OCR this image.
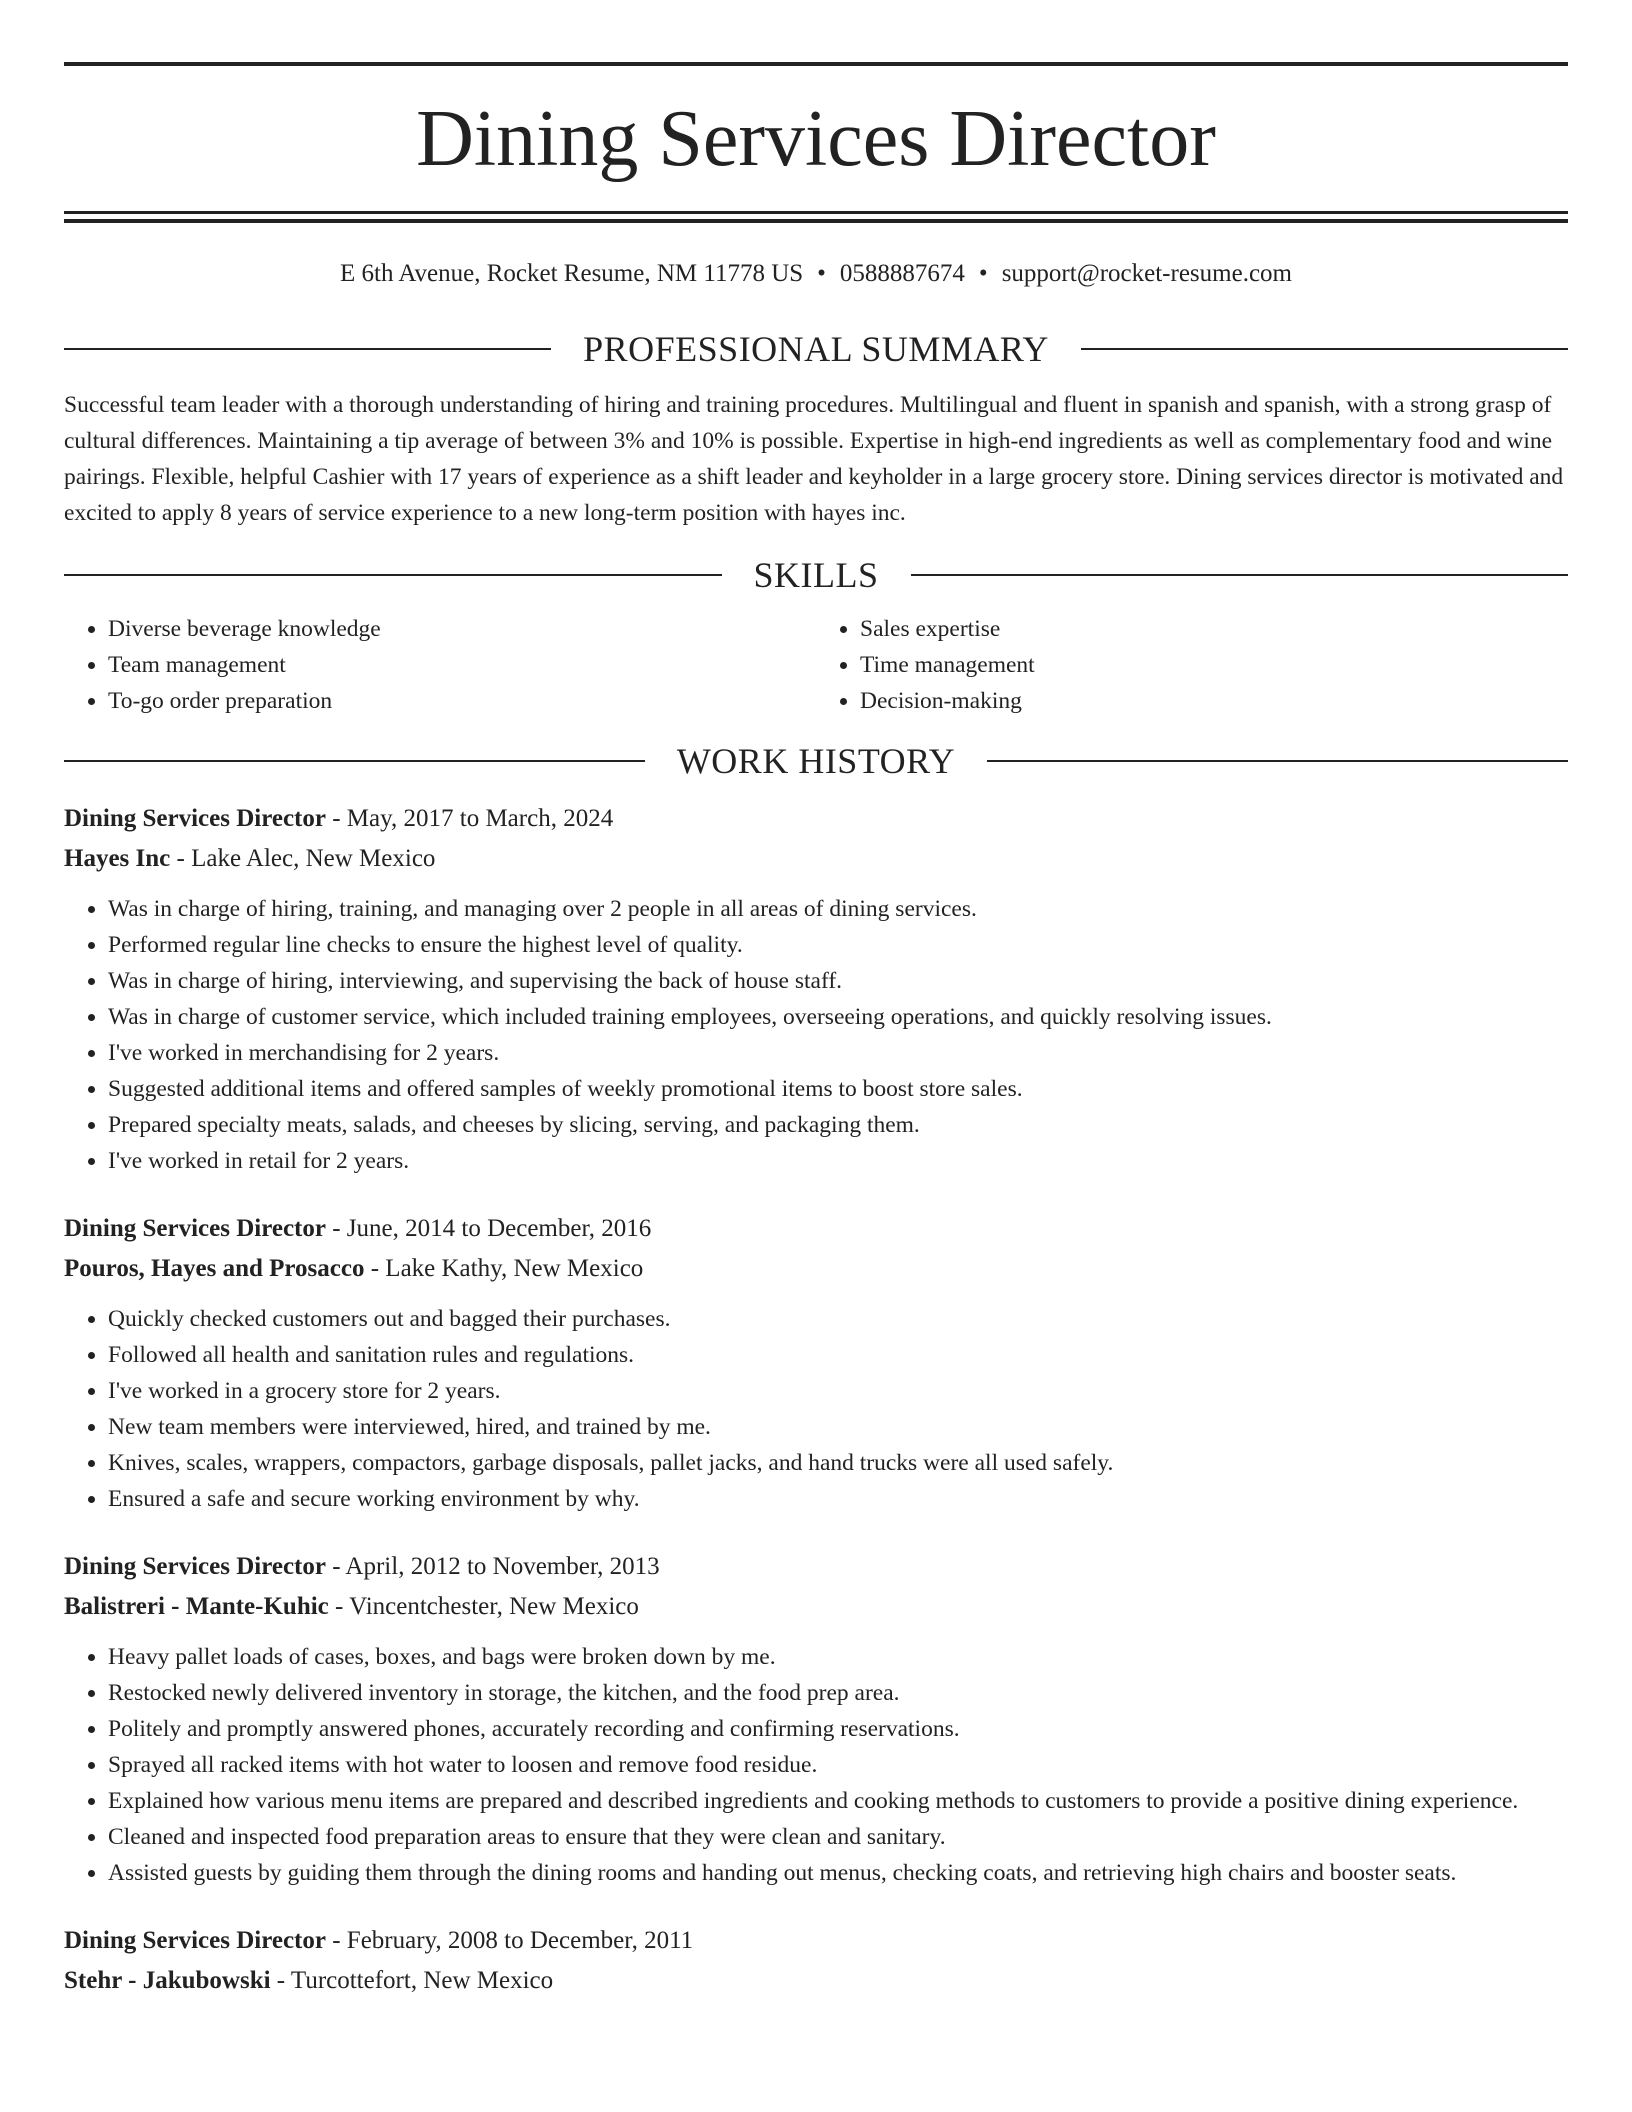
Dining Services Director
E 6th Avenue, Rocket Resume, NM 11778 US • 0588887674 • support@rocket-resume.com
PROFESSIONAL SUMMARY

Successful team leader with a thorough understanding of hiring and training procedures. Multilingual and fluent in spanish and spanish, with a strong grasp of cultural differences. Maintaining a tip average of between 3% and 10% is possible. Expertise in high-end ingredients as well as complementary food and wine pairings. Flexible, helpful Cashier with 17 years of experience as a shift leader and keyholder in a large grocery store. Dining services director is motivated and excited to apply 8 years of service experience to a new long-term position with hayes inc.

SKILLS
• Diverse beverage knowledge
• Team management
• To-go order preparation
• Sales expertise
• Time management
• Decision-making
WORK HISTORY

Dining Services Director - May, 2017 to March, 2024

Hayes Inc - Lake Alec, New Mexico

• Was in charge of hiring, training, and managing over 2 people in all areas of dining services.
• Performed regular line checks to ensure the highest level of quality.
• Was in charge of hiring, interviewing, and supervising the back of house staff.
• Was in charge of customer service, which included training employees, overseeing operations, and quickly resolving issues.
• I've worked in merchandising for 2 years.
• Suggested additional items and offered samples of weekly promotional items to boost store sales.
• Prepared specialty meats, salads, and cheeses by slicing, serving, and packaging them.
• I've worked in retail for 2 years.

Dining Services Director - June, 2014 to December, 2016

Pouros, Hayes and Prosacco - Lake Kathy, New Mexico

• Quickly checked customers out and bagged their purchases.
• Followed all health and sanitation rules and regulations.
• I've worked in a grocery store for 2 years.
• New team members were interviewed, hired, and trained by me.
• Knives, scales, wrappers, compactors, garbage disposals, pallet jacks, and hand trucks were all used safely.
• Ensured a safe and secure working environment by why.

Dining Services Director - April, 2012 to November, 2013

Balistreri - Mante-Kuhic - Vincentchester, New Mexico

• Heavy pallet loads of cases, boxes, and bags were broken down by me.
• Restocked newly delivered inventory in storage, the kitchen, and the food prep area.
• Politely and promptly answered phones, accurately recording and confirming reservations.
• Sprayed all racked items with hot water to loosen and remove food residue.
• Explained how various menu items are prepared and described ingredients and cooking methods to customers to provide a positive dining experience.
• Cleaned and inspected food preparation areas to ensure that they were clean and sanitary.
• Assisted guests by guiding them through the dining rooms and handing out menus, checking coats, and retrieving high chairs and booster seats.

Dining Services Director - February, 2008 to December, 2011

Stehr - Jakubowski - Turcottefort, New Mexico
